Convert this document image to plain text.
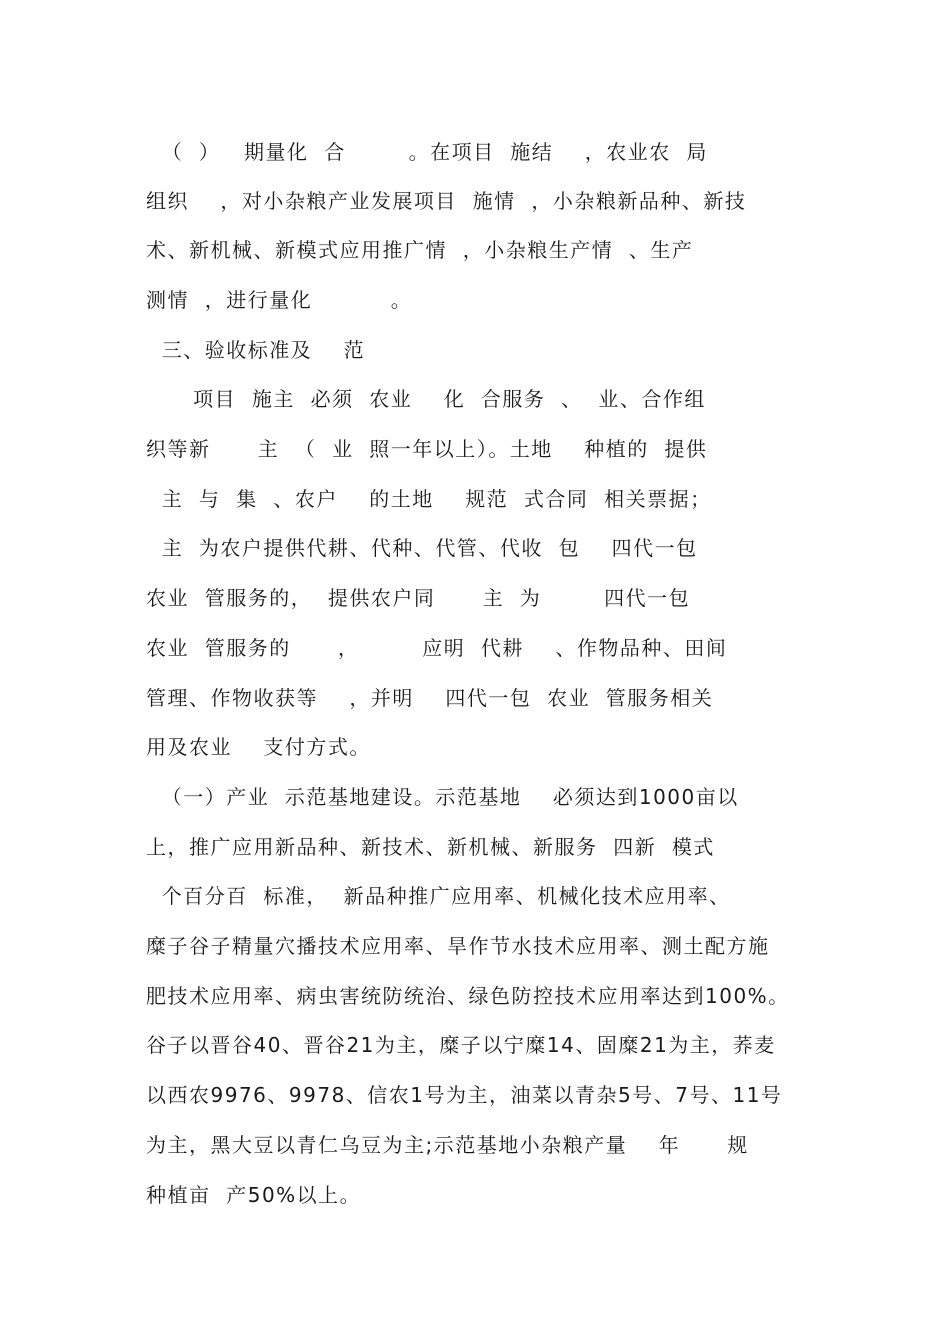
（  ）   期量化  合        。在项目  施结    ，农业农  局
组织    ，对小杂粮产业发展项目  施情  ，小杂粮新品种、新技
术、新机械、新模式应用推广情  ，小杂粮生产情  、生产
测情  ，进行量化          。
三、验收标准及    范
项目  施主  必须  农业    化  合服务  、  业、合作组
织等新      主  （  业  照一年以上）。土地    种植的  提供
主  与  集  、农户    的土地    规范  式合同  相关票据；
主  为农户提供代耕、代种、代管、代收  包    四代一包
农业  管服务的，  提供农户同      主  为        四代一包
农业  管服务的      ，        应明  代耕    、作物品种、田间
管理、作物收获等    ，并明    四代一包  农业  管服务相关
用及农业    支付方式。
（一）产业  示范基地建设。示范基地    必须达到1000亩以
上，推广应用新品种、新技术、新机械、新服务  四新  模式
个百分百  标准，  新品种推广应用率、机械化技术应用率、
糜子谷子精量穴播技术应用率、旱作节水技术应用率、测土配方施
肥技术应用率、病虫害统防统治、绿色防控技术应用率达到100%。
谷子以晋谷40、晋谷21为主，糜子以宁糜14、固糜21为主，荞麦
以西农9976、9978、信农1号为主，油菜以青杂5号、7号、11号
为主，黑大豆以青仁乌豆为主;示范基地小杂粮产量    年      规
种植亩  产50%以上。
